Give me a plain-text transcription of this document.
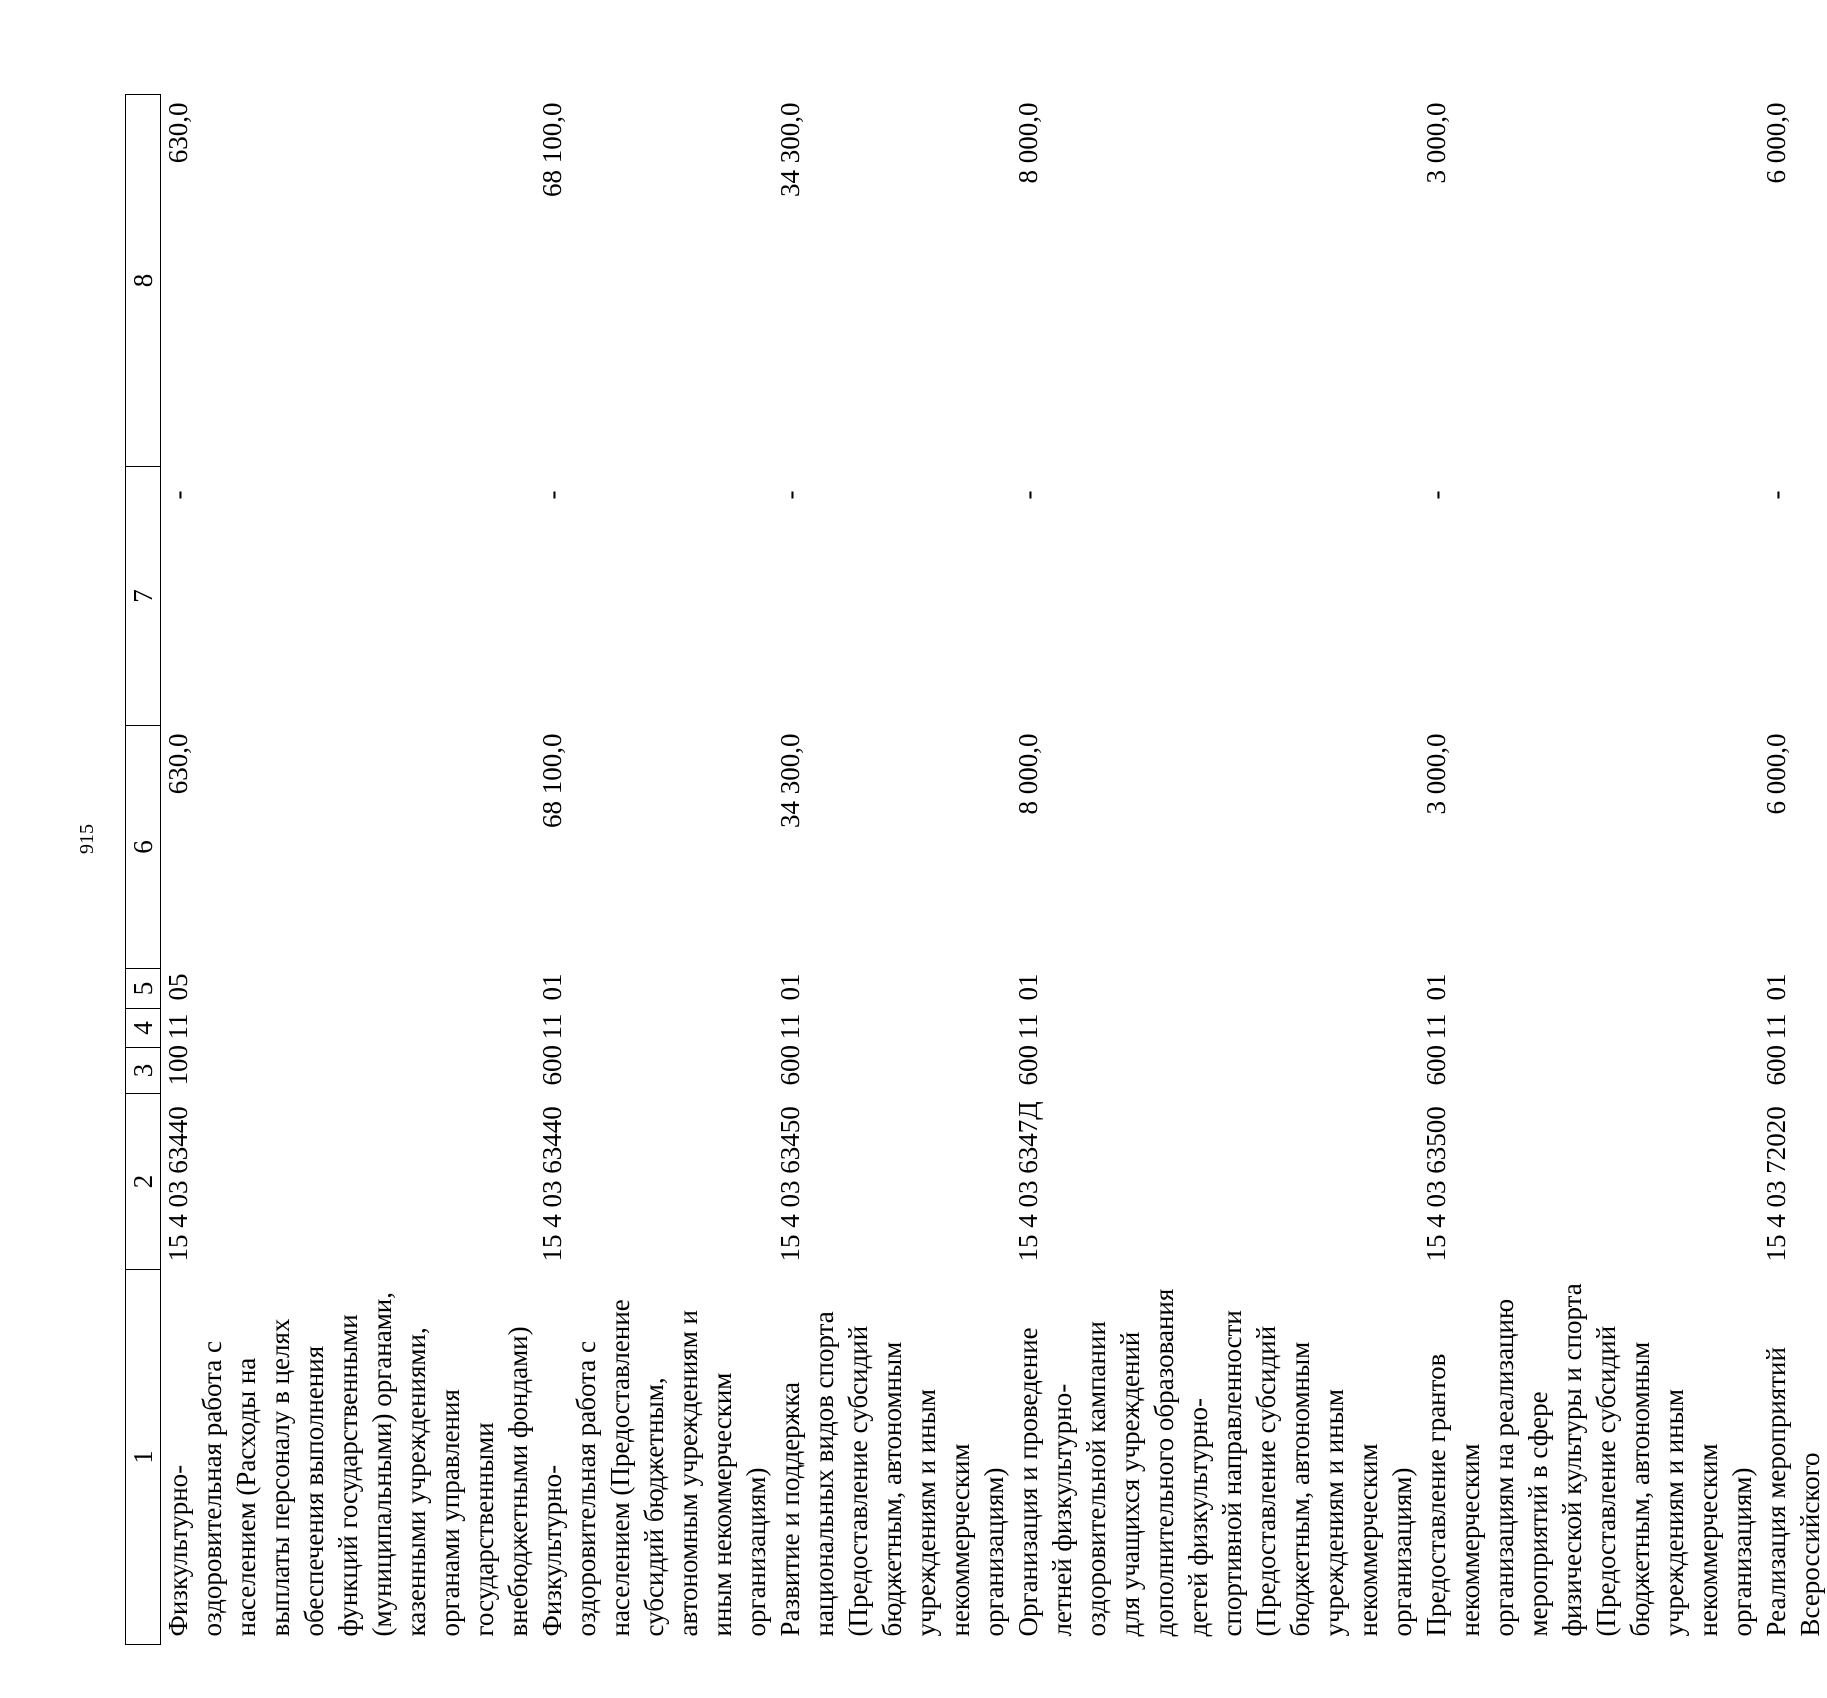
915
1	2	3	4	5	6	7	8
Физкультурно-оздоровительная работа с населением (Расходы на выплаты персоналу в целях обеспечения выполнения функций государственными (муниципальными) органами, казенными учреждениями, органами управления государственными внебюджетными фондами)	15 4 03 63440	100	11	05	630,0	-	630,0
Физкультурно-оздоровительная работа с населением (Предоставление субсидий бюджетным, автономным учреждениям и иным некоммерческим организациям)	15 4 03 63440	600	11	01	68 100,0	-	68 100,0
Развитие и поддержка национальных видов спорта (Предоставление субсидий бюджетным, автономным учреждениям и иным некоммерческим организациям)	15 4 03 63450	600	11	01	34 300,0	-	34 300,0
Организация и проведение летней физкультурно-оздоровительной кампании для учащихся учреждений дополнительного образования детей физкультурно-спортивной направленности (Предоставление субсидий бюджетным, автономным учреждениям и иным некоммерческим организациям)	15 4 03 6347Д	600	11	01	8 000,0	-	8 000,0
Предоставление грантов некоммерческим организациям на реализацию мероприятий в сфере физической культуры и спорта (Предоставление субсидий бюджетным, автономным учреждениям и иным некоммерческим организациям)	15 4 03 63500	600	11	01	3 000,0	-	3 000,0
Реализация мероприятий Всероссийского	15 4 03 72020	600	11	01	6 000,0	-	6 000,0
